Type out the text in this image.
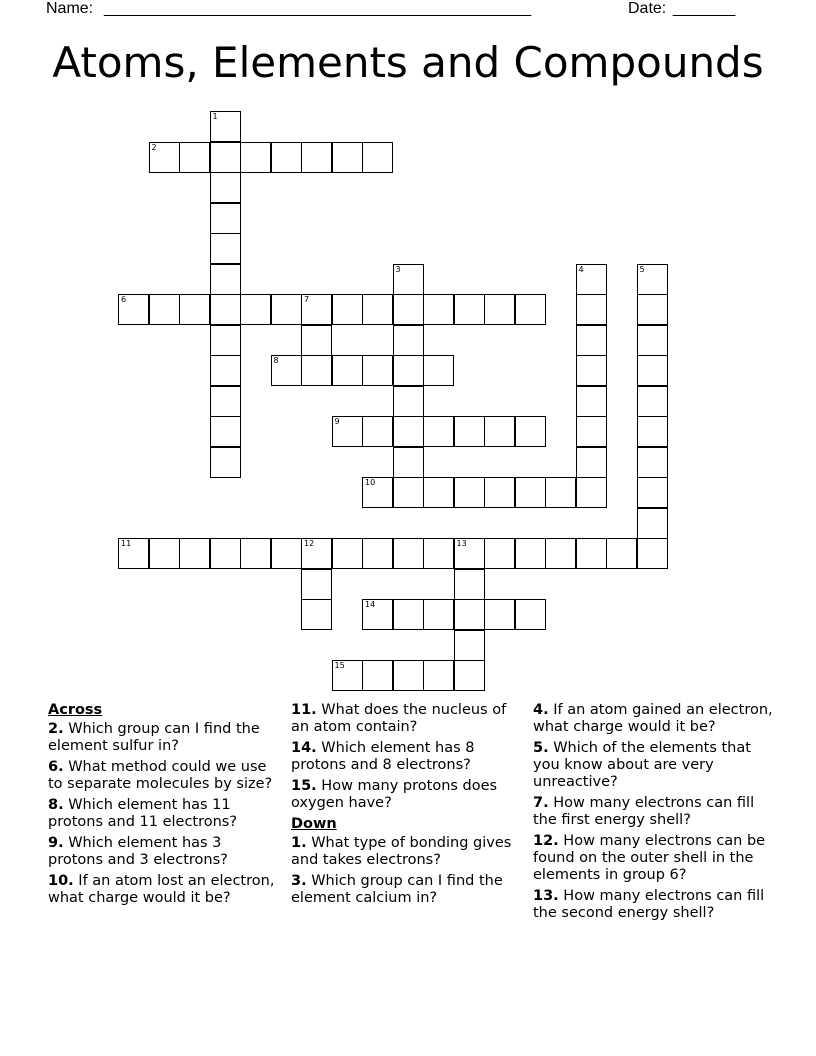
Name: ________________________________________________	Date: _______
Atoms, Elements and Compounds
1
2
3	4	5
6	7
8
9
10
11	12	13
14
15
Across
2. Which group can I find the element sulfur in?
6. What method could we use to separate molecules by size?
8. Which element has 11 protons and 11 electrons?
9. Which element has 3 protons and 3 electrons?
10. If an atom lost an electron, what charge would it be?
11. What does the nucleus of an atom contain?
14. Which element has 8 protons and 8 electrons?
15. How many protons does oxygen have?
Down
1. What type of bonding gives and takes electrons?
3. Which group can I find the element calcium in?
4. If an atom gained an electron, what charge would it be?
5. Which of the elements that you know about are very unreactive?
7. How many electrons can fill the first energy shell?
12. How many electrons can be found on the outer shell in the elements in group 6?
13. How many electrons can fill the second energy shell?
